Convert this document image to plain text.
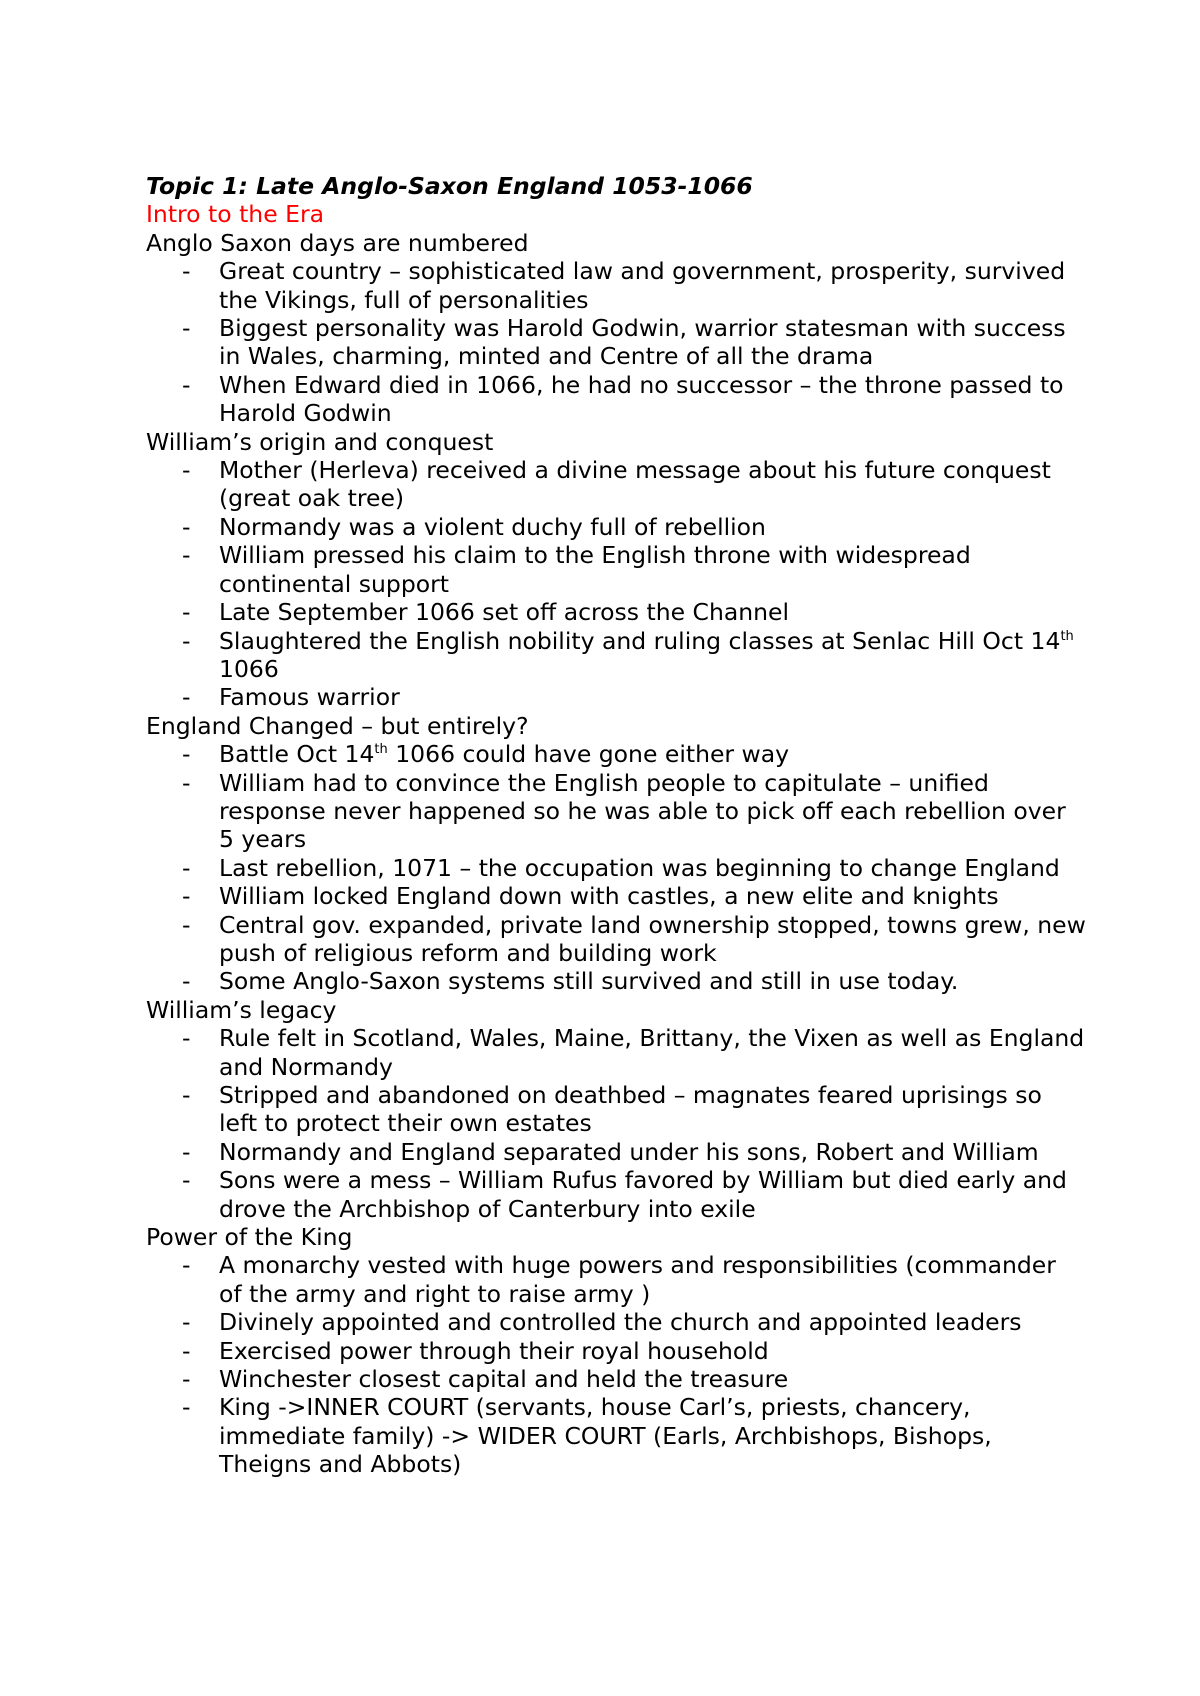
Topic 1: Late Anglo-Saxon England 1053-1066

Intro to the Era

Anglo Saxon days are numbered

- Great country – sophisticated law and government, prosperity, survived the Vikings, full of personalities
- Biggest personality was Harold Godwin, warrior statesman with success in Wales, charming, minted and Centre of all the drama
- When Edward died in 1066, he had no successor – the throne passed to Harold Godwin

William’s origin and conquest

- Mother (Herleva) received a divine message about his future conquest (great oak tree)
- Normandy was a violent duchy full of rebellion
- William pressed his claim to the English throne with widespread continental support
- Late September 1066 set off across the Channel
- Slaughtered the English nobility and ruling classes at Senlac Hill Oct 14th 1066
- Famous warrior

England Changed – but entirely?

- Battle Oct 14th 1066 could have gone either way
- William had to convince the English people to capitulate – unified response never happened so he was able to pick off each rebellion over 5 years
- Last rebellion, 1071 – the occupation was beginning to change England
- William locked England down with castles, a new elite and knights
- Central gov. expanded, private land ownership stopped, towns grew, new push of religious reform and building work
- Some Anglo-Saxon systems still survived and still in use today.

William’s legacy

- Rule felt in Scotland, Wales, Maine, Brittany, the Vixen as well as England and Normandy
- Stripped and abandoned on deathbed – magnates feared uprisings so left to protect their own estates
- Normandy and England separated under his sons, Robert and William
- Sons were a mess – William Rufus favored by William but died early and drove the Archbishop of Canterbury into exile

Power of the King

- A monarchy vested with huge powers and responsibilities (commander of the army and right to raise army )
- Divinely appointed and controlled the church and appointed leaders
- Exercised power through their royal household
- Winchester closest capital and held the treasure
- King ->INNER COURT (servants, house Carl’s, priests, chancery, immediate family) -> WIDER COURT (Earls, Archbishops, Bishops, Theigns and Abbots)
